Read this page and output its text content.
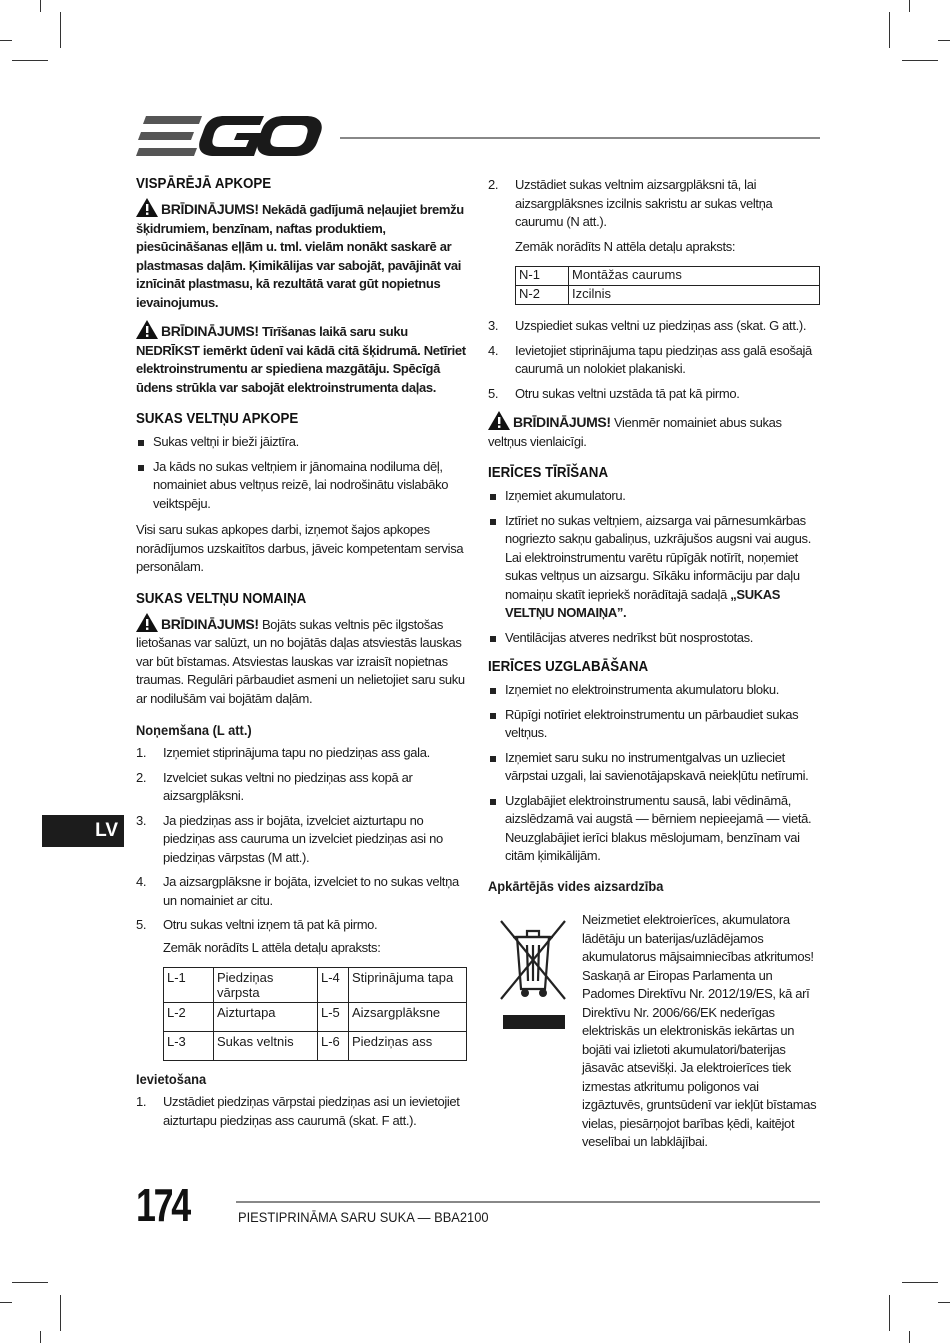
VISPĀRĒJĀ APKOPE

BRĪDINĀJUMS! Nekādā gadījumā neļaujiet bremžu šķidrumiem, benzīnam, naftas produktiem, piesūcināšanas eļļām u. tml. vielām nonākt saskarē ar plastmasas daļām. Ķimikālijas var sabojāt, pavājināt vai iznīcināt plastmasu, kā rezultātā varat gūt nopietnus ievainojumus.

BRĪDINĀJUMS! Tīrīšanas laikā saru suku NEDRĪKST iemērkt ūdenī vai kādā citā šķidrumā. Netīriet elektroinstrumentu ar spiediena mazgātāju. Spēcīgā ūdens strūkla var sabojāt elektroinstrumenta daļas.

SUKAS VELTŅU APKOPE
Sukas veltņi ir bieži jāiztīra.
Ja kāds no sukas veltņiem ir jānomaina nodiluma dēļ, nomainiet abus veltņus reizē, lai nodrošinātu vislabāko veiktspēju.

Visi saru sukas apkopes darbi, izņemot šajos apkopes norādījumos uzskaitītos darbus, jāveic kompetentam servisa personālam.

SUKAS VELTŅU NOMAIŅA

BRĪDINĀJUMS! Bojāts sukas veltnis pēc ilgstošas lietošanas var salūzt, un no bojātās daļas atsviestās lauskas var būt bīstamas. Atsviestas lauskas var izraisīt nopietnas traumas. Regulāri pārbaudiet asmeni un nelietojiet saru suku ar nodilušām vai bojātām daļām.

Noņemšana (L att.)
1. Izņemiet stiprinājuma tapu no piedziņas ass gala.
2. Izvelciet sukas veltni no piedziņas ass kopā ar aizsargplāksni.
3. Ja piedziņas ass ir bojāta, izvelciet aizturtapu no piedziņas ass cauruma un izvelciet piedziņas asi no piedziņas vārpstas (M att.).
4. Ja aizsargplāksne ir bojāta, izvelciet to no sukas veltņa un nomainiet ar citu.
5. Otru sukas veltni izņem tā pat kā pirmo.

Zemāk norādīts L attēla detaļu apraksts:

L-1	Piedziņas vārpsta	L-4	Stiprinājuma tapa
L-2	Aizturtapa	L-5	Aizsargplāksne
L-3	Sukas veltnis	L-6	Piedziņas ass
Ievietošana
1. Uzstādiet piedziņas vārpstai piedziņas asi un ievietojiet aizturtapu piedziņas ass caurumā (skat. F att.).
2. Uzstādiet sukas veltnim aizsargplāksni tā, lai aizsargplāksnes izcilnis sakristu ar sukas veltņa caurumu (N att.).

Zemāk norādīts N attēla detaļu apraksts:

N-1	Montāžas caurums
N-2	Izcilnis
3. Uzspiediet sukas veltni uz piedziņas ass (skat. G att.).
4. Ievietojiet stiprinājuma tapu piedziņas ass galā esošajā caurumā un nolokiet plakaniski.
5. Otru sukas veltni uzstāda tā pat kā pirmo.

BRĪDINĀJUMS! Vienmēr nomainiet abus sukas veltņus vienlaicīgi.

IERĪCES TĪRĪŠANA
Izņemiet akumulatoru.
Iztīriet no sukas veltņiem, aizsarga vai pārnesumkārbas nogriezto sakņu gabaliņus, uzkrājušos augsni vai augus. Lai elektroinstrumentu varētu rūpīgāk notīrīt, noņemiet sukas veltņus un aizsargu. Sīkāku informāciju par daļu nomaiņu skatīt iepriekš norādītajā sadaļā „SUKAS VELTŅU NOMAIŅA”.
Ventilācijas atveres nedrīkst būt nosprostotas.
IERĪCES UZGLABĀŠANA
Izņemiet no elektroinstrumenta akumulatoru bloku.
Rūpīgi notīriet elektroinstrumentu un pārbaudiet sukas veltņus.
Izņemiet saru suku no instrumentgalvas un uzlieciet vārpstai uzgali, lai savienotājapskavā neiekļūtu netīrumi.
Uzglabājiet elektroinstrumentu sausā, labi vēdināmā, aizslēdzamā vai augstā — bērniem nepieejamā — vietā. Neuzglabājiet ierīci blakus mēslojumam, benzīnam vai citām ķimikālijām.
Apkārtējās vides aizsardzība

Neizmetiet elektroierīces, akumulatora lādētāju un baterijas/uzlādējamos akumulatorus mājsaimniecības atkritumos! Saskaņā ar Eiropas Parlamenta un Padomes Direktīvu Nr. 2012/19/ES, kā arī Direktīvu Nr. 2006/66/EK nederīgas elektriskās un elektroniskās iekārtas un bojāti vai izlietoti akumulatori/baterijas jāsavāc atsevišķi. Ja elektroierīces tiek izmestas atkritumu poligonos vai izgāztuvēs, gruntsūdenī var iekļūt bīstamas vielas, piesārņojot barības ķēdi, kaitējot veselībai un labklājībai.

LV
174	PIESTIPRINĀMA SARU SUKA — BBA2100
